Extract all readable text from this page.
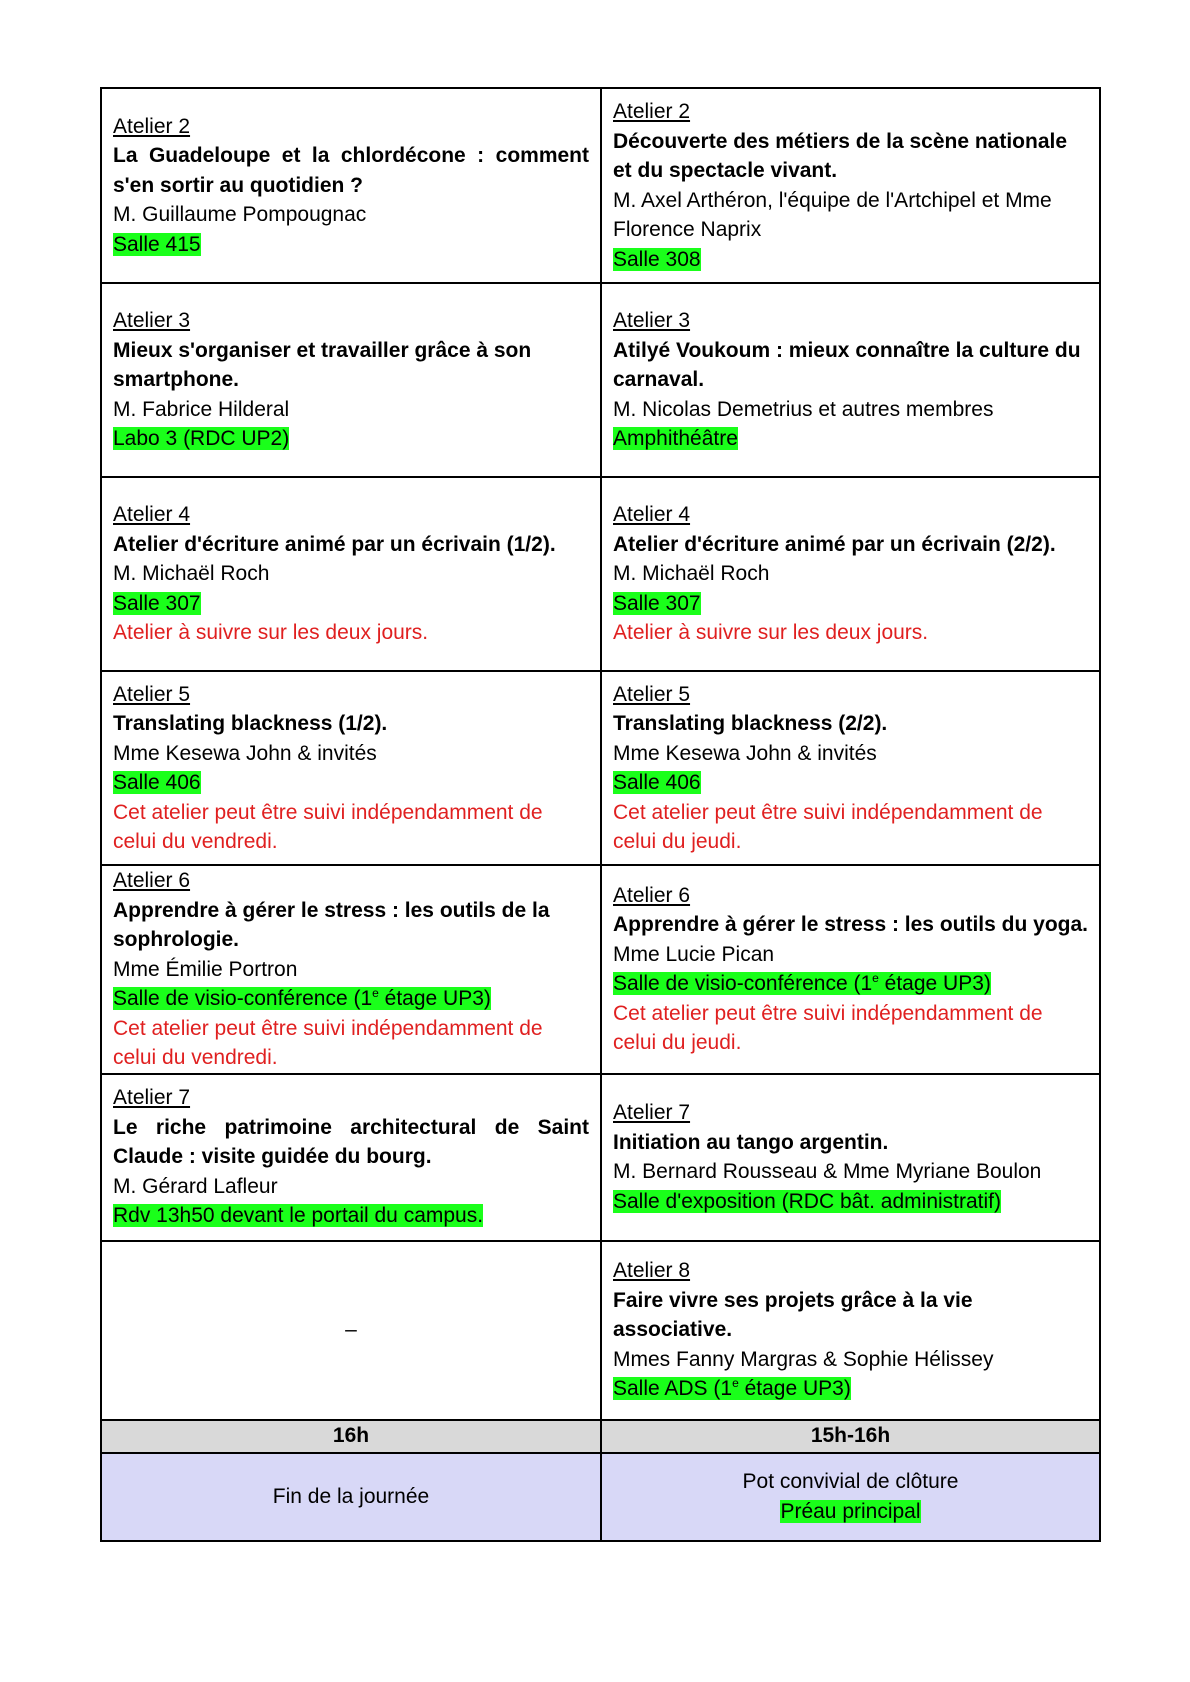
Atelier 2
La Guadeloupe et la chlordécone : comment s'en sortir au quotidien ?
M. Guillaume Pompougnac
Salle 415	Atelier 2
Découverte des métiers de la scène nationale et du spectacle vivant.
M. Axel Arthéron, l'équipe de l'Artchipel et Mme Florence Naprix
Salle 308

Atelier 3
Mieux s'organiser et travailler grâce à son smartphone.
M. Fabrice Hilderal
Labo 3 (RDC UP2)	Atelier 3
Atilyé Voukoum : mieux connaître la culture du carnaval.
M. Nicolas Demetrius et autres membres
Amphithéâtre

Atelier 4
Atelier d'écriture animé par un écrivain (1/2).
M. Michaël Roch
Salle 307
Atelier à suivre sur les deux jours.	Atelier 4
Atelier d'écriture animé par un écrivain (2/2).
M. Michaël Roch
Salle 307
Atelier à suivre sur les deux jours.

Atelier 5
Translating blackness (1/2).
Mme Kesewa John & invités
Salle 406
Cet atelier peut être suivi indépendamment de celui du vendredi.	Atelier 5
Translating blackness (2/2).
Mme Kesewa John & invités
Salle 406
Cet atelier peut être suivi indépendamment de celui du jeudi.

Atelier 6
Apprendre à gérer le stress : les outils de la sophrologie.
Mme Émilie Portron
Salle de visio-conférence (1e étage UP3)
Cet atelier peut être suivi indépendamment de celui du vendredi.	Atelier 6
Apprendre à gérer le stress : les outils du yoga.
Mme Lucie Pican
Salle de visio-conférence (1e étage UP3)
Cet atelier peut être suivi indépendamment de celui du jeudi.

Atelier 7
Le riche patrimoine architectural de Saint Claude : visite guidée du bourg.
M. Gérard Lafleur
Rdv 13h50 devant le portail du campus.	Atelier 7
Initiation au tango argentin.
M. Bernard Rousseau & Mme Myriane Boulon
Salle d'exposition (RDC bât. administratif)

–	Atelier 8
Faire vivre ses projets grâce à la vie associative.
Mmes Fanny Margras & Sophie Hélissey
Salle ADS (1e étage UP3)

16h	15h-16h
Fin de la journée	Pot convivial de clôture
Préau principal
